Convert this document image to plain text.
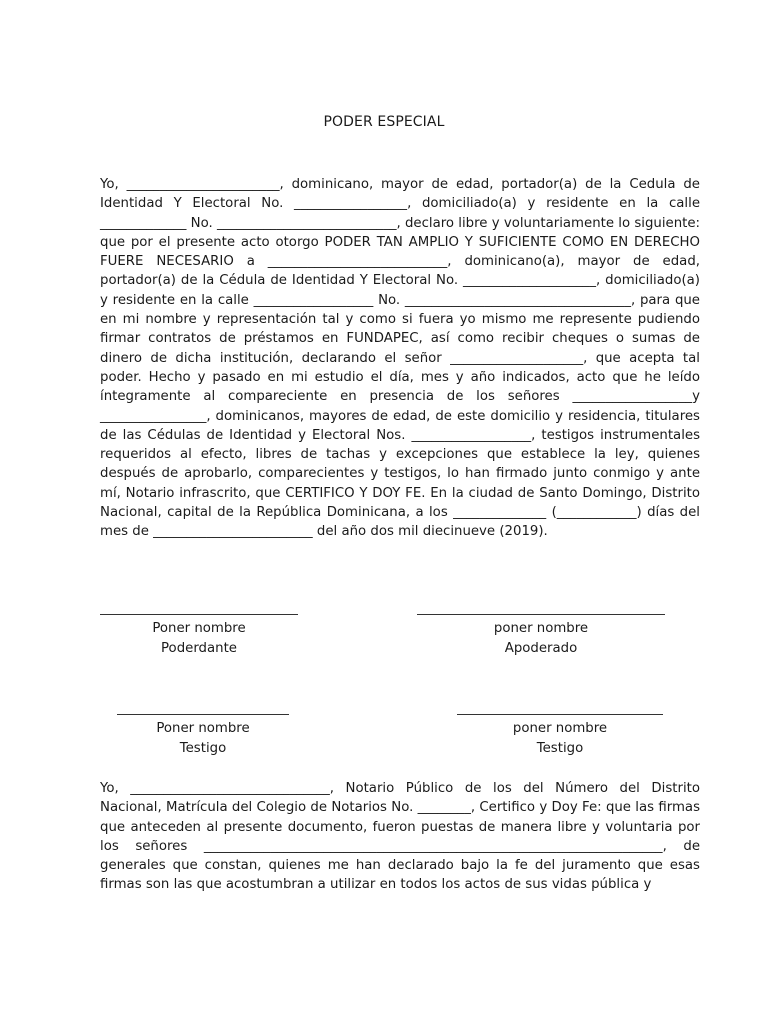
PODER ESPECIAL

Yo, _______________________, dominicano, mayor de edad, portador(a) de la Cedula de Identidad Y Electoral No. _________________, domiciliado(a) y residente en la calle _____________ No. ___________________________, declaro libre y voluntariamente lo siguiente: que por el presente acto otorgo PODER TAN AMPLIO Y SUFICIENTE COMO EN DERECHO FUERE NECESARIO a ___________________________, dominicano(a), mayor de edad, portador(a) de la Cédula de Identidad Y Electoral No. ____________________, domiciliado(a) y residente en la calle __________________ No. __________________________________, para que en mi nombre y representación tal y como si fuera yo mismo me represente pudiendo firmar contratos de préstamos en FUNDAPEC, así como recibir cheques o sumas de dinero de dicha institución, declarando el señor ____________________, que acepta tal poder. Hecho y pasado en mi estudio el día, mes y año indicados, acto que he leído íntegramente al compareciente en presencia de los señores __________________y ________________, dominicanos, mayores de edad, de este domicilio y residencia, titulares de las Cédulas de Identidad y Electoral Nos. __________________, testigos instrumentales requeridos al efecto, libres de tachas y excepciones que establece la ley, quienes después de aprobarlo, comparecientes y testigos, lo han firmado junto conmigo y ante mí, Notario infrascrito, que CERTIFICO Y DOY FE. En la ciudad de Santo Domingo, Distrito Nacional, capital de la República Dominicana, a los ______________ (____________) días del mes de ________________________ del año dos mil diecinueve (2019).

Poner nombre
Poderdante
poner nombre
Apoderado
Poner nombre
Testigo
poner nombre
Testigo

Yo, ______________________________, Notario Público de los del Número del Distrito Nacional, Matrícula del Colegio de Notarios No. ________, Certifico y Doy Fe: que las firmas que anteceden al presente documento, fueron puestas de manera libre y voluntaria por los señores _____________________________________________________________________, de generales que constan, quienes me han declarado bajo la fe del juramento que esas firmas son las que acostumbran a utilizar en todos los actos de sus vidas pública y
